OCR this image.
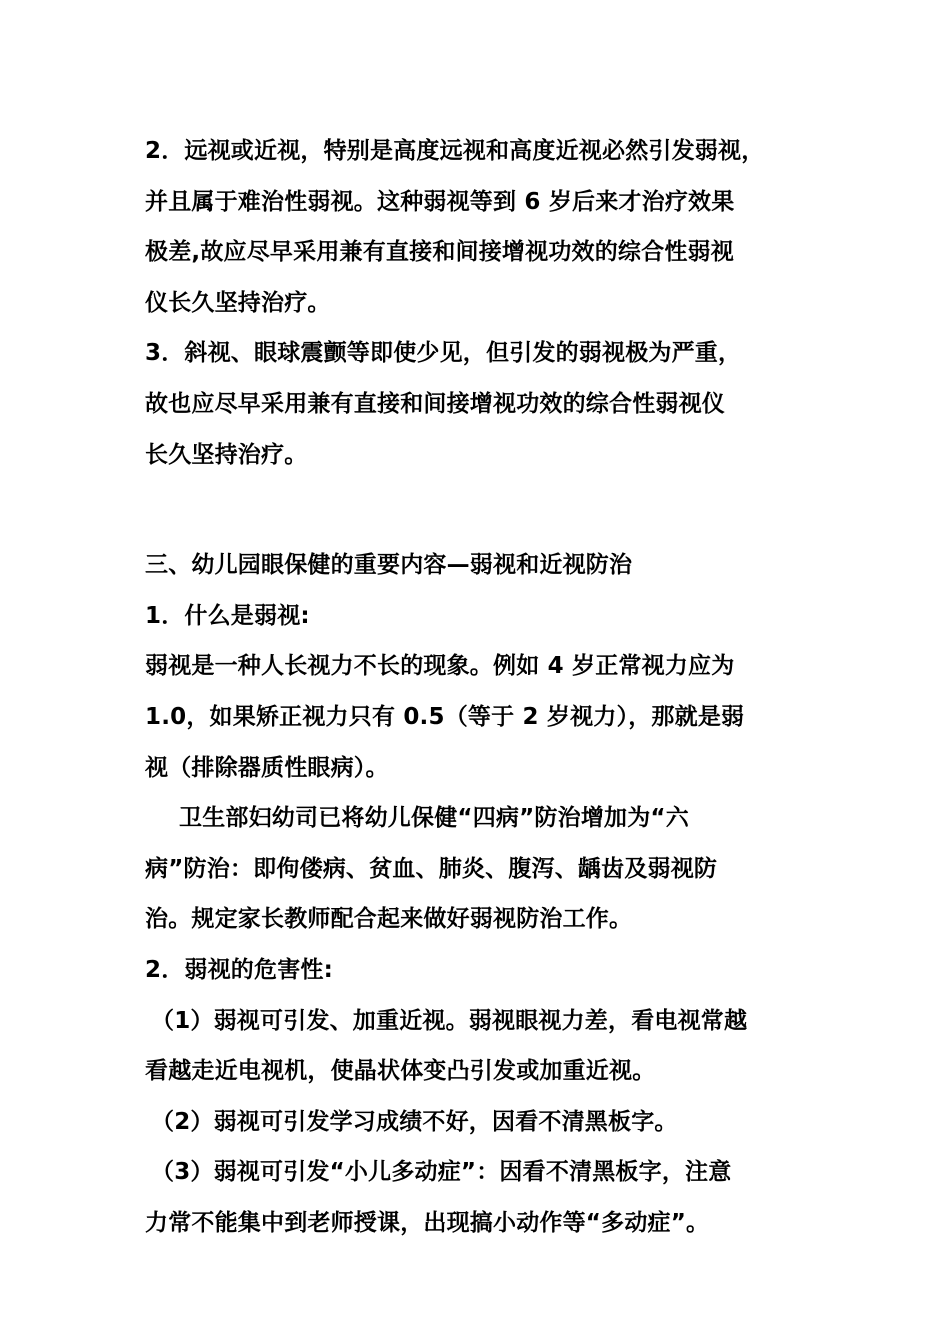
2．远视或近视，特别是高度远视和高度近视必然引发弱视，
并且属于难治性弱视。这种弱视等到 6 岁后来才治疗效果
极差,故应尽早采用兼有直接和间接增视功效的综合性弱视
仪长久坚持治疗。
3．斜视、眼球震颤等即使少见，但引发的弱视极为严重，
故也应尽早采用兼有直接和间接增视功效的综合性弱视仪
长久坚持治疗。
三、幼儿园眼保健的重要内容—弱视和近视防治
1．什么是弱视:
弱视是一种人长视力不长的现象。例如 4 岁正常视力应为
1.0，如果矫正视力只有 0.5（等于 2 岁视力），那就是弱
视（排除器质性眼病）。
卫生部妇幼司已将幼儿保健“四病”防治增加为“六
病”防治：即佝偻病、贫血、肺炎、腹泻、龋齿及弱视防
治。规定家长教师配合起来做好弱视防治工作。
2．弱视的危害性:
（1）弱视可引发、加重近视。弱视眼视力差，看电视常越
看越走近电视机，使晶状体变凸引发或加重近视。
（2）弱视可引发学习成绩不好，因看不清黑板字。
（3）弱视可引发“小儿多动症”：因看不清黑板字，注意
力常不能集中到老师授课，出现搞小动作等“多动症”。
